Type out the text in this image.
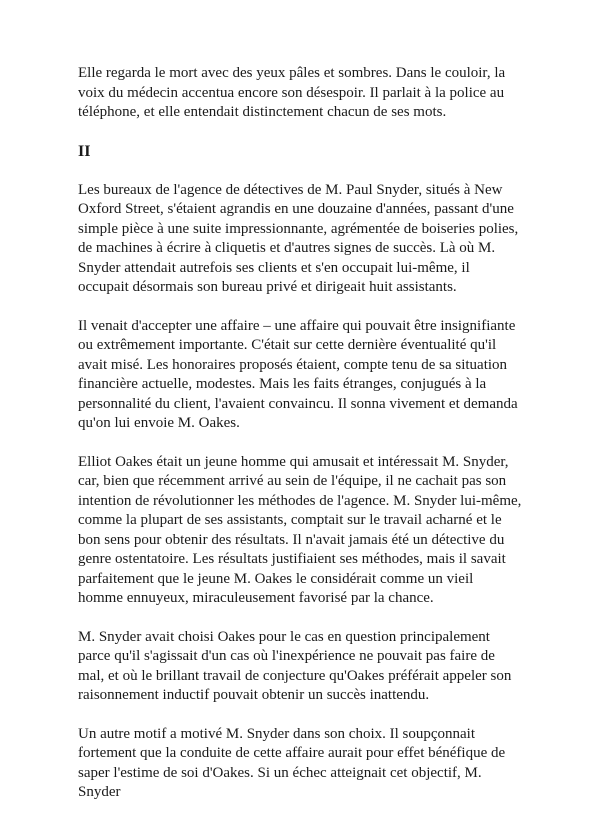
Elle regarda le mort avec des yeux pâles et sombres. Dans le couloir, la voix du médecin accentua encore son désespoir. Il parlait à la police au téléphone, et elle entendait distinctement chacun de ses mots.

II

Les bureaux de l'agence de détectives de M. Paul Snyder, situés à New Oxford Street, s'étaient agrandis en une douzaine d'années, passant d'une simple pièce à une suite impressionnante, agrémentée de boiseries polies, de machines à écrire à cliquetis et d'autres signes de succès. Là où M. Snyder attendait autrefois ses clients et s'en occupait lui-même, il occupait désormais son bureau privé et dirigeait huit assistants.

Il venait d'accepter une affaire – une affaire qui pouvait être insignifiante ou extrêmement importante. C'était sur cette dernière éventualité qu'il avait misé. Les honoraires proposés étaient, compte tenu de sa situation financière actuelle, modestes. Mais les faits étranges, conjugués à la personnalité du client, l'avaient convaincu. Il sonna vivement et demanda qu'on lui envoie M. Oakes.

Elliot Oakes était un jeune homme qui amusait et intéressait M. Snyder, car, bien que récemment arrivé au sein de l'équipe, il ne cachait pas son intention de révolutionner les méthodes de l'agence. M. Snyder lui-même, comme la plupart de ses assistants, comptait sur le travail acharné et le bon sens pour obtenir des résultats. Il n'avait jamais été un détective du genre ostentatoire. Les résultats justifiaient ses méthodes, mais il savait parfaitement que le jeune M. Oakes le considérait comme un vieil homme ennuyeux, miraculeusement favorisé par la chance.

M. Snyder avait choisi Oakes pour le cas en question principalement parce qu'il s'agissait d'un cas où l'inexpérience ne pouvait pas faire de mal, et où le brillant travail de conjecture qu'Oakes préférait appeler son raisonnement inductif pouvait obtenir un succès inattendu.

Un autre motif a motivé M. Snyder dans son choix. Il soupçonnait fortement que la conduite de cette affaire aurait pour effet bénéfique de saper l'estime de soi d'Oakes. Si un échec atteignait cet objectif, M. Snyder
